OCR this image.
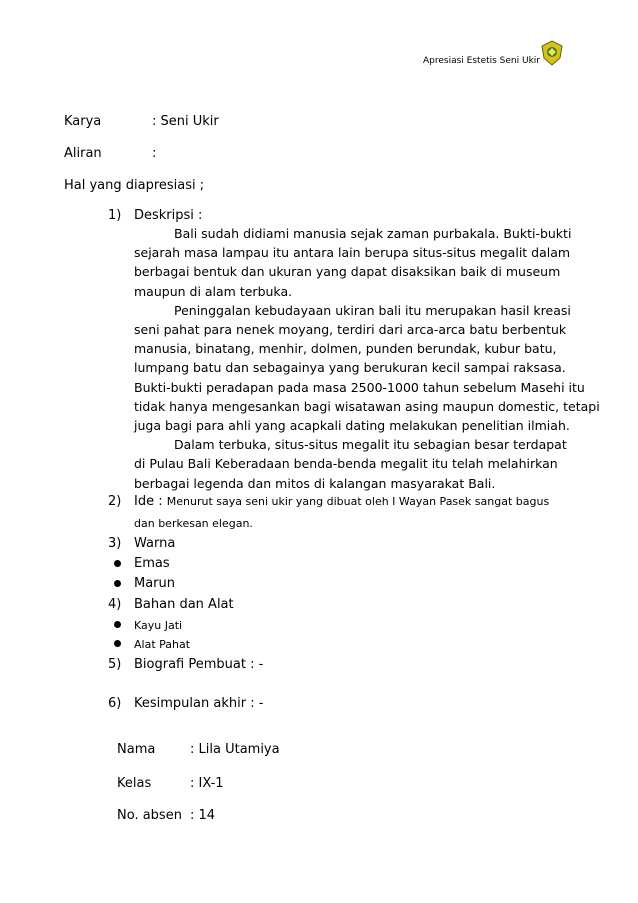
Apresiasi Estetis Seni Ukir
Karya	: Seni Ukir
Aliran	:
Hal yang diapresiasi ;
1) Deskripsi :
Bali sudah didiami manusia sejak zaman purbakala. Bukti-bukti
sejarah masa lampau itu antara lain berupa situs-situs megalit dalam
berbagai bentuk dan ukuran yang dapat disaksikan baik di museum
maupun di alam terbuka.
Peninggalan kebudayaan ukiran bali itu merupakan hasil kreasi
seni pahat para nenek moyang, terdiri dari arca-arca batu berbentuk
manusia, binatang, menhir, dolmen, punden berundak, kubur batu,
lumpang batu dan sebagainya yang berukuran kecil sampai raksasa.
Bukti-bukti peradapan pada masa 2500-1000 tahun sebelum Masehi itu
tidak hanya mengesankan bagi wisatawan asing maupun domestic, tetapi
juga bagi para ahli yang acapkali dating melakukan penelitian ilmiah.
Dalam terbuka, situs-situs megalit itu sebagian besar terdapat
di Pulau Bali Keberadaan benda-benda megalit itu telah melahirkan
berbagai legenda dan mitos di kalangan masyarakat Bali.
2) Ide : Menurut saya seni ukir yang dibuat oleh I Wayan Pasek sangat bagus
dan berkesan elegan.
3) Warna
Emas
Marun
4) Bahan dan Alat
Kayu Jati
Alat Pahat
5) Biografi Pembuat : -
6) Kesimpulan akhir : -
Nama	: Lila Utamiya
Kelas	: IX-1
No. absen : 14
